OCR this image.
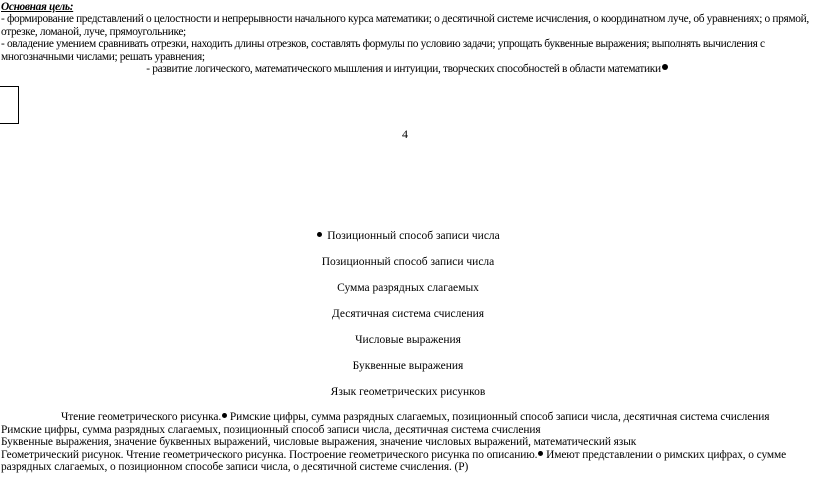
Основная цель:
- формирование представлений о целостности и непрерывности начального курса математики; о десятичной системе исчисления, о координатном луче, об уравнениях; о прямой, отрезке, ломаной, луче, прямоугольнике;
- овладение умением сравнивать отрезки, находить длины отрезков, составлять формулы по условию задачи; упрощать буквенные выражения; выполнять вычисления с многозначными числами; решать уравнения;
- развитие логического, математического мышления и интуиции, творческих способностей в области математики
4
Позиционный способ записи числа
Позиционный способ записи числа
Сумма разрядных слагаемых
Десятичная система счисления
Числовые выражения
Буквенные выражения
Язык геометрических рисунков
Чтение геометрического рисунка. Римские цифры, сумма разрядных слагаемых, позиционный способ записи числа, десятичная система счисления
Римские цифры, сумма разрядных слагаемых, позиционный способ записи числа, десятичная система счисления
Буквенные выражения, значение буквенных выражений, числовые выражения, значение числовых выражений, математический язык
Геометрический рисунок. Чтение геометрического рисунка. Построение геометрического рисунка по описанию. Имеют представлении о римских цифрах, о сумме разрядных слагаемых, о позиционном способе записи числа, о десятичной системе счисления. (Р)
